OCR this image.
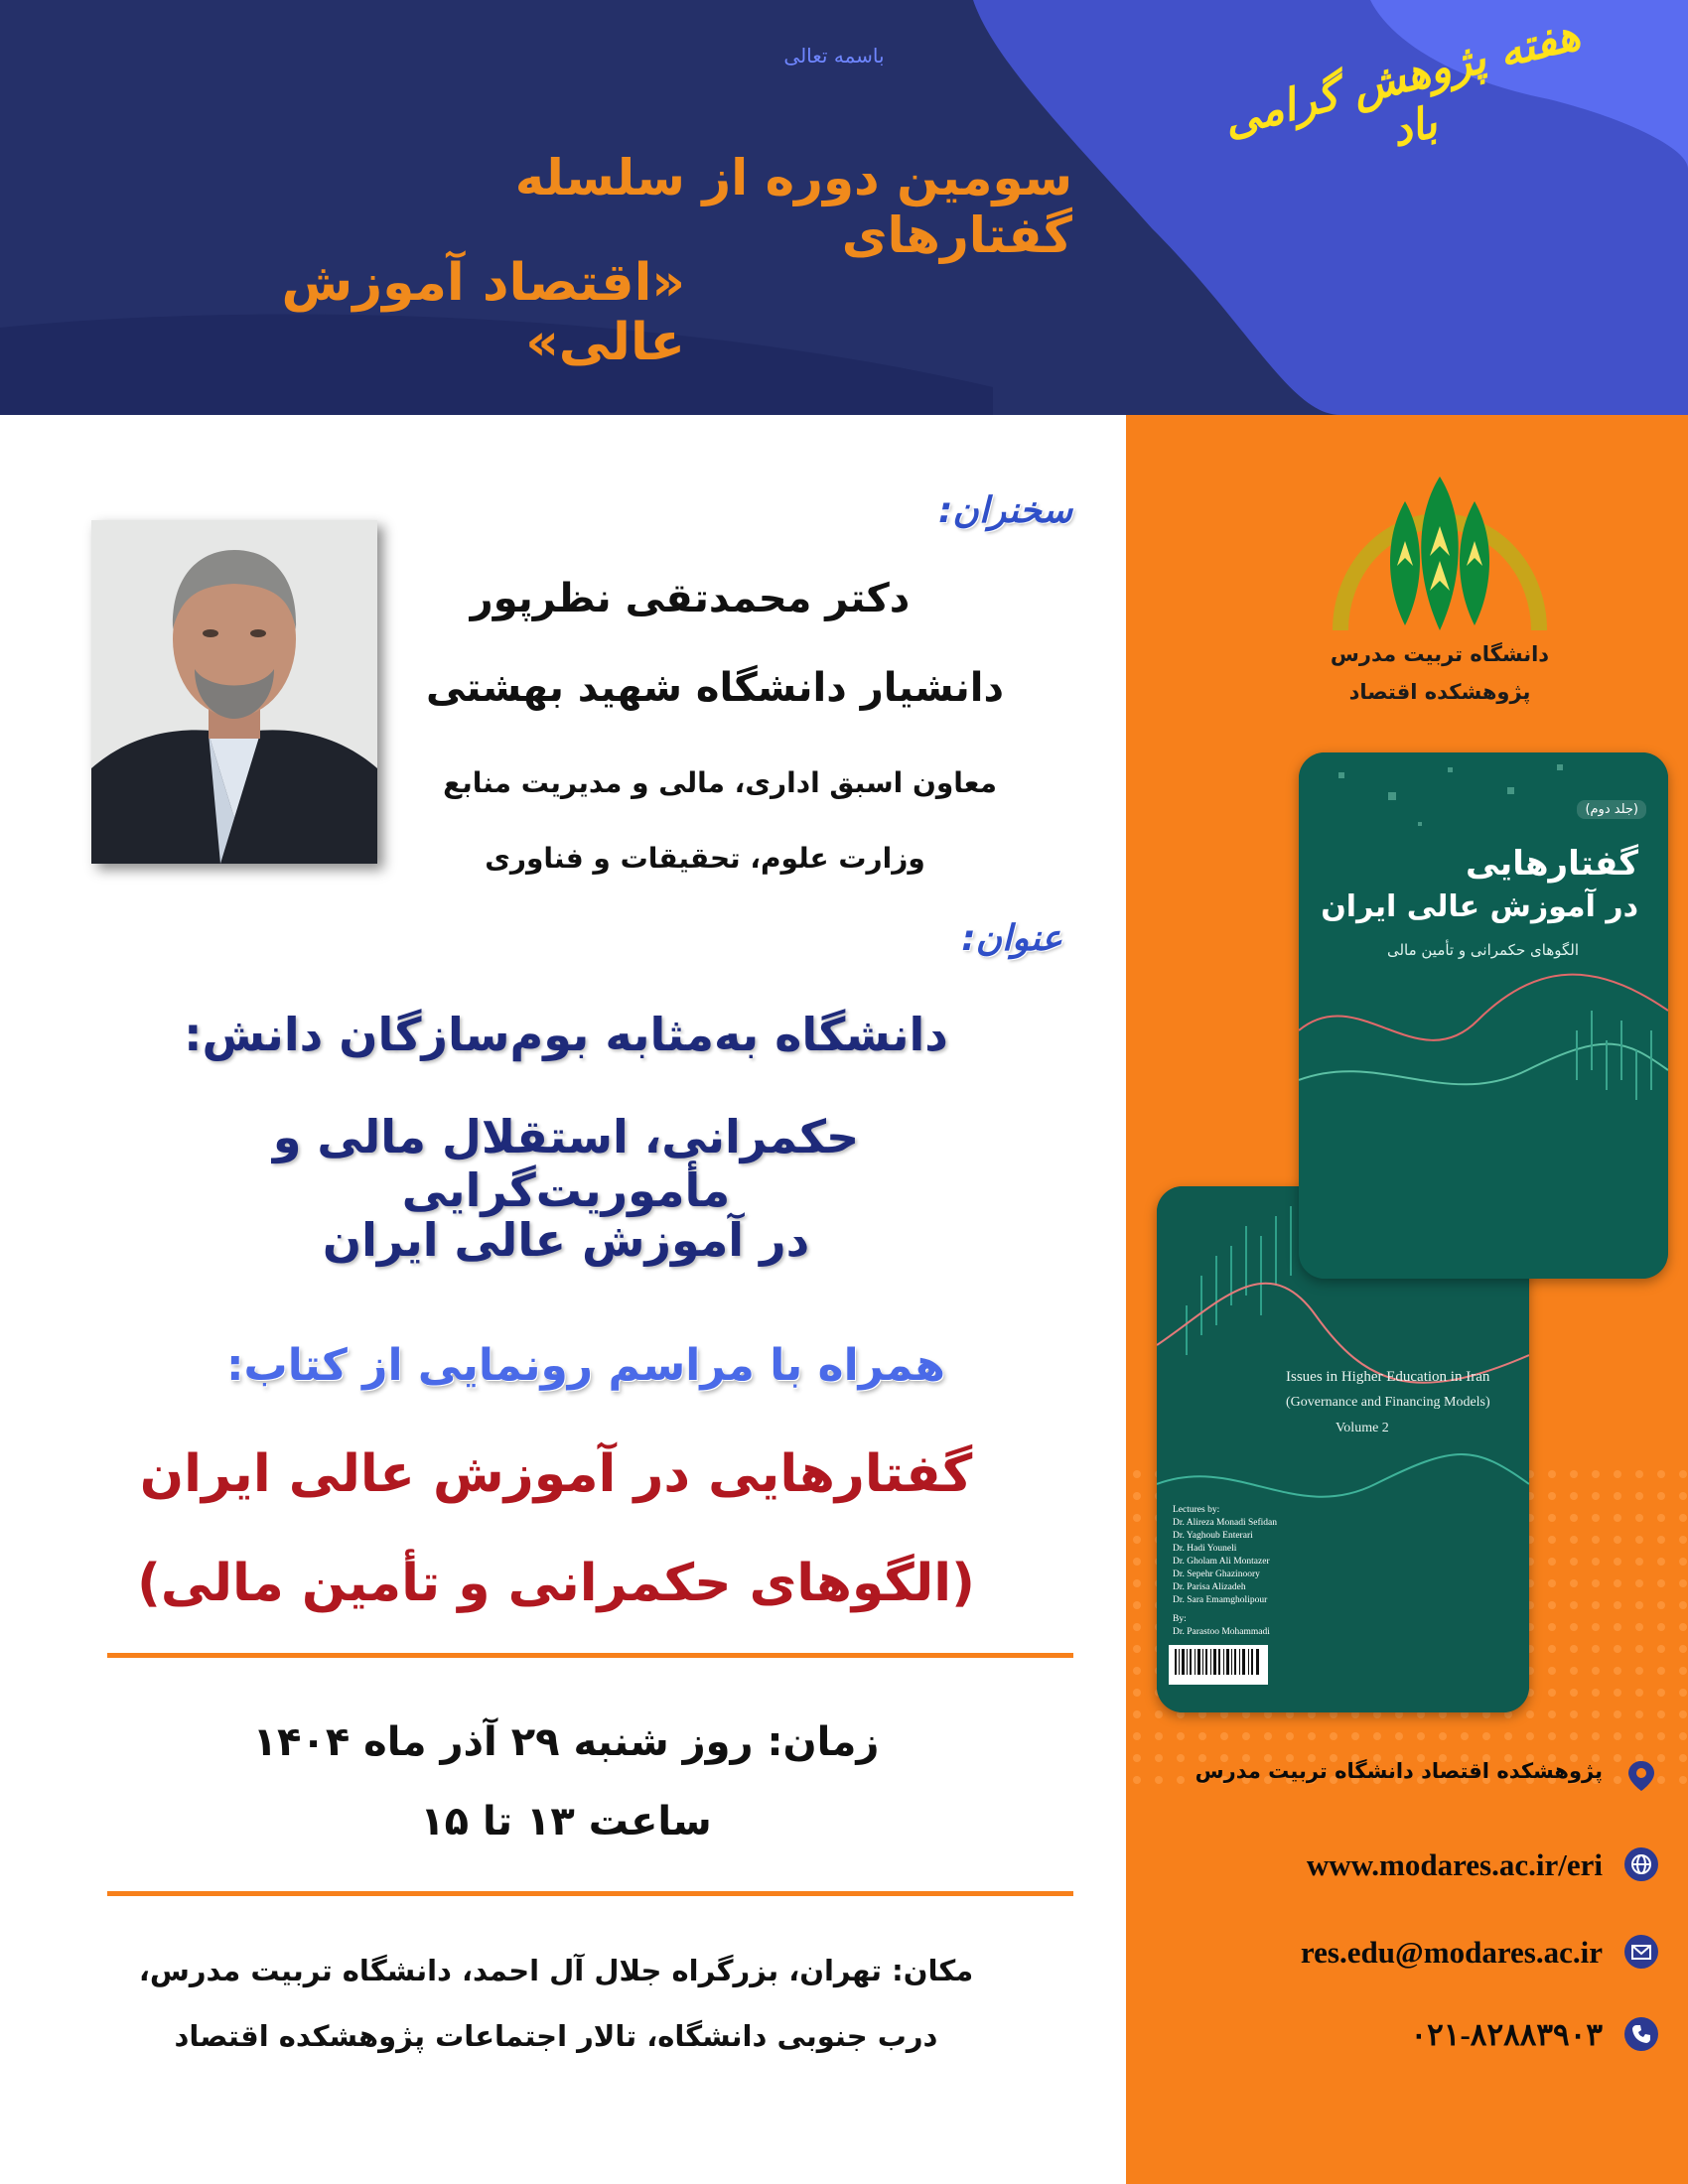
باسمه تعالی	هفته پژوهش گرامی باد
سومین دوره از سلسله گفتارهای
«اقتصاد آموزش عالی»
دانشگاه تربیت مدرس
پژوهشکده اقتصاد
Issues in Higher Education in Iran
(Governance and Financing Models)
Volume 2
Lectures by:
Dr. Alireza Monadi Sefidan
Dr. Yaghoub Enterari
Dr. Hadi Youneli
Dr. Gholam Ali Montazer
Dr. Sepehr Ghazinoory
Dr. Parisa Alizadeh
Dr. Sara Emamgholipour
By:
Dr. Parastoo Mohammadi
(جلد دوم)
گفتارهایی
در آموزش عالی ایران
الگوهای حکمرانی و تأمین مالی
پژوهشکده اقتصاد دانشگاه تربیت مدرس
www.modares.ac.ir/eri
res.edu@modares.ac.ir
۰۲۱-۸۲۸۸۳۹۰۳
سخنران:
دکتر محمدتقی نظرپور
دانشیار دانشگاه شهید بهشتی
معاون اسبق اداری، مالی و مدیریت منابع
وزارت علوم، تحقیقات و فناوری
عنوان:
دانشگاه به‌مثابه بوم‌سازگان دانش:
حکمرانی، استقلال مالی و مأموریت‌گرایی
در آموزش عالی ایران
همراه با مراسم رونمایی از کتاب:
گفتارهایی در آموزش عالی ایران
(الگوهای حکمرانی و تأمین مالی)
زمان: روز شنبه ۲۹ آذر ماه ۱۴۰۴
ساعت ۱۳ تا ۱۵
مکان: تهران، بزرگراه جلال آل احمد، دانشگاه تربیت مدرس،
درب جنوبی دانشگاه، تالار اجتماعات پژوهشکده اقتصاد
